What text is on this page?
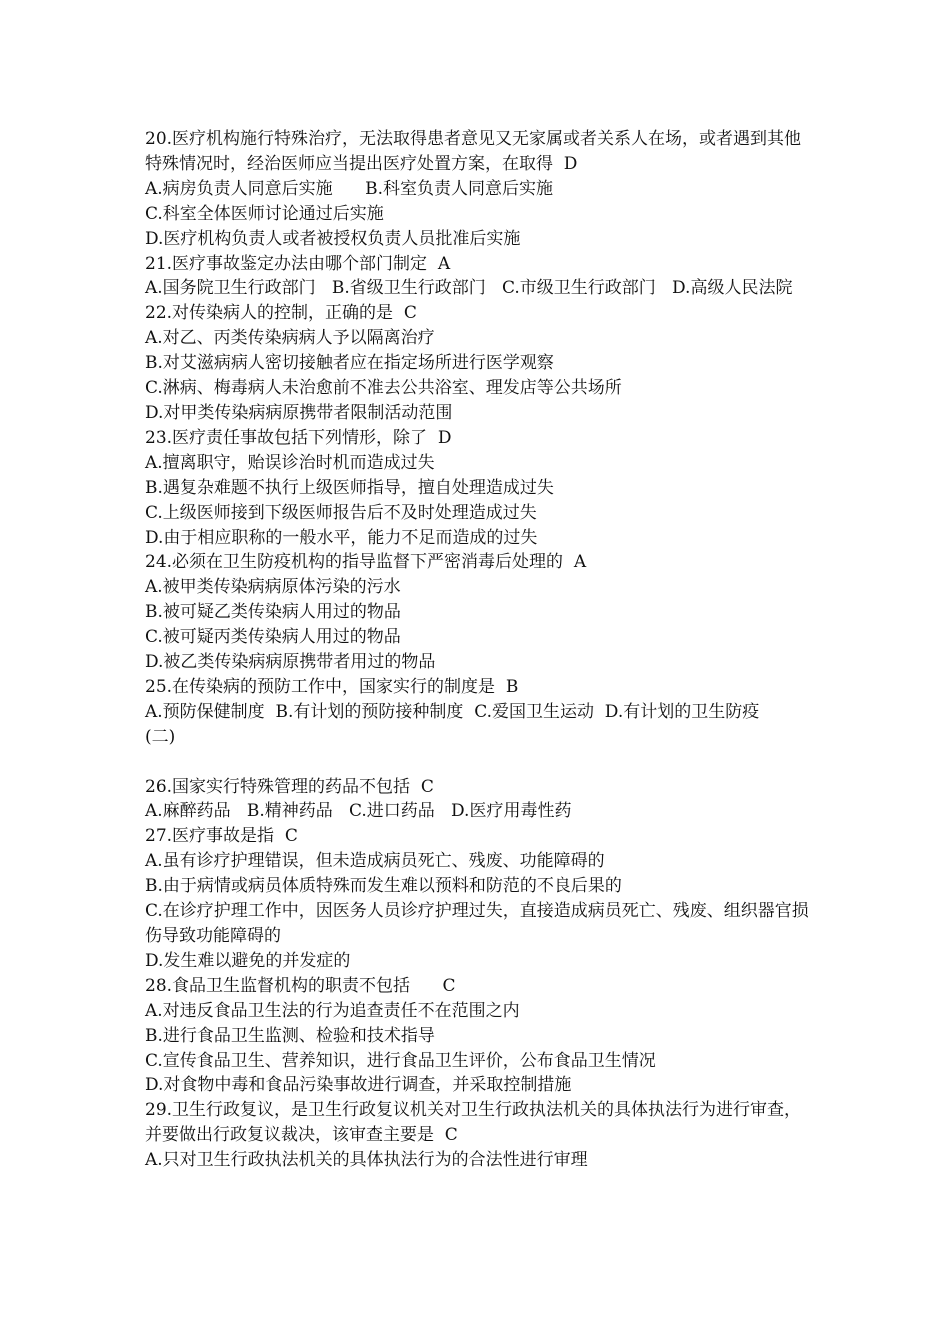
20.医疗机构施行特殊治疗，无法取得患者意见又无家属或者关系人在场，或者遇到其他特殊情况时，经治医师应当提出医疗处置方案，在取得  D
A.病房负责人同意后实施      B.科室负责人同意后实施
C.科室全体医师讨论通过后实施
D.医疗机构负责人或者被授权负责人员批准后实施
21.医疗事故鉴定办法由哪个部门制定  A
A.国务院卫生行政部门   B.省级卫生行政部门   C.市级卫生行政部门   D.高级人民法院
22.对传染病人的控制，正确的是  C
A.对乙、丙类传染病病人予以隔离治疗
B.对艾滋病病人密切接触者应在指定场所进行医学观察
C.淋病、梅毒病人未治愈前不准去公共浴室、理发店等公共场所
D.对甲类传染病病原携带者限制活动范围
23.医疗责任事故包括下列情形，除了  D
A.擅离职守，贻误诊治时机而造成过失
B.遇复杂难题不执行上级医师指导，擅自处理造成过失
C.上级医师接到下级医师报告后不及时处理造成过失
D.由于相应职称的一般水平，能力不足而造成的过失
24.必须在卫生防疫机构的指导监督下严密消毒后处理的  A
A.被甲类传染病病原体污染的污水
B.被可疑乙类传染病人用过的物品
C.被可疑丙类传染病人用过的物品
D.被乙类传染病病原携带者用过的物品
25.在传染病的预防工作中，国家实行的制度是  B
A.预防保健制度  B.有计划的预防接种制度  C.爱国卫生运动  D.有计划的卫生防疫
(二)
26.国家实行特殊管理的药品不包括  C
A.麻醉药品   B.精神药品   C.进口药品   D.医疗用毒性药
27.医疗事故是指  C
A.虽有诊疗护理错误，但未造成病员死亡、残废、功能障碍的
B.由于病情或病员体质特殊而发生难以预料和防范的不良后果的
C.在诊疗护理工作中，因医务人员诊疗护理过失，直接造成病员死亡、残废、组织器官损伤导致功能障碍的
D.发生难以避免的并发症的
28.食品卫生监督机构的职责不包括      C
A.对违反食品卫生法的行为追查责任不在范围之内
B.进行食品卫生监测、检验和技术指导
C.宣传食品卫生、营养知识，进行食品卫生评价，公布食品卫生情况
D.对食物中毒和食品污染事故进行调查，并采取控制措施
29.卫生行政复议，是卫生行政复议机关对卫生行政执法机关的具体执法行为进行审查，并要做出行政复议裁决，该审查主要是  C
A.只对卫生行政执法机关的具体执法行为的合法性进行审理
